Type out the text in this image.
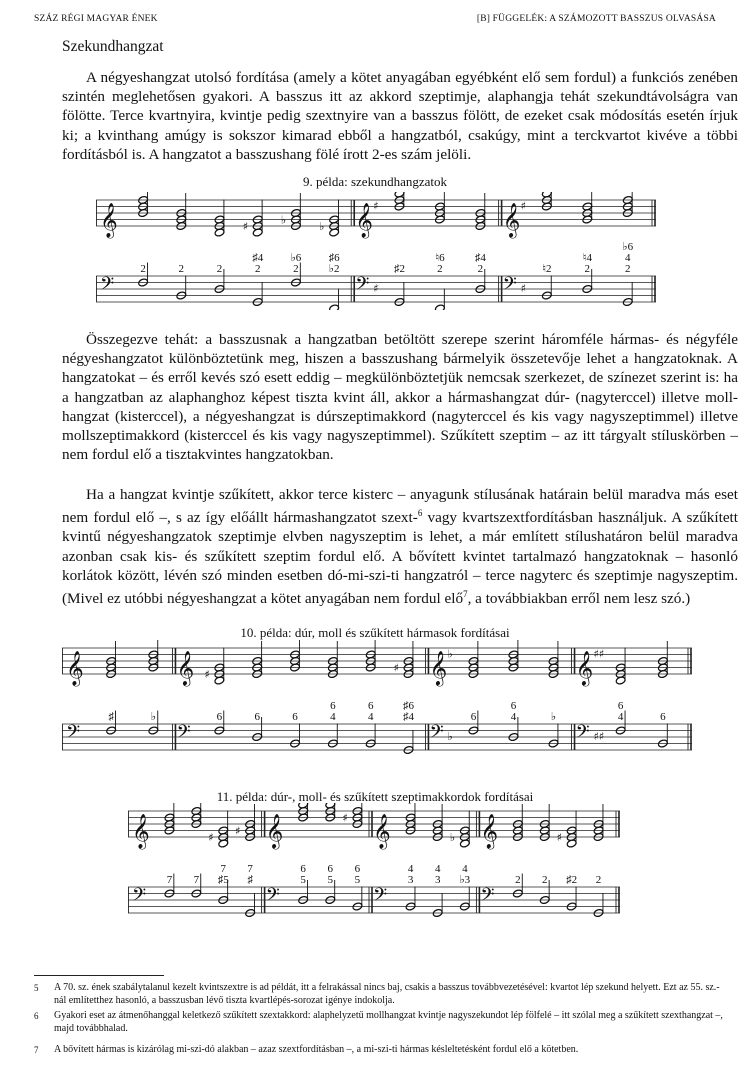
SZÁZ RÉGI MAGYAR ÉNEK	[B] FÜGGELÉK: A SZÁMOZOTT BASSZUS OLVASÁSA
Szekundhangzat

A négyeshangzat utolsó fordítása (amely a kötet anyagában egyébként elő sem fordul) a funkciós zenében szintén meglehetősen gyakori. A basszus itt az akkord szeptimje, alaphangja tehát szekundtávolságra van fölötte. Terce kvartnyira, kvintje pedig szextnyire van a basszus fölött, de ezeket csak módosítás esetén írjuk ki; a kvinthang amúgy is sokszor kimarad ebből a hangzatból, csakúgy, mint a terckvartot kivéve a többi fordításból is. A hangzatot a basszushang fölé írott 2-es szám jelöli.

9. példa: szekundhangzatok
𝄞
𝄢
𝄞
𝄢
♯
♯
𝄞
𝄢
♯
♯
2	2	2
♯
♯4
2
♭
♭6
2
♭
♯6
♭2	♯2
♮6
2
♯4
2	♮2
♮4
2
♭6
4
2

Összegezve tehát: a basszusnak a hangzatban betöltött szerepe szerint háromféle hármas- és négyféle négyeshangzatot különböztetünk meg, hiszen a basszushang bármelyik összetevője lehet a hangzatoknak. A hangzatokat – és erről kevés szó esett eddig – megkülönböztetjük nemcsak szerkezet, de színezet szerint is: ha a hangzatban az alaphanghoz képest tiszta kvint áll, akkor a hármashangzat dúr- (nagyterccel) illetve moll-hangzat (kisterccel), a négyeshangzat is dúrszeptimakkord (nagyterccel és kis vagy nagyszeptimmel) illetve mollszeptimakkord (kisterccel és kis vagy nagyszeptimmel). Szűkített szeptim – az itt tárgyalt stíluskörben – nem fordul elő a tisztakvintes hangzatokban.

Ha a hangzat kvintje szűkített, akkor terce kisterc – anyagunk stílusának határain belül maradva más eset nem fordul elő –, s az így előállt hármashangzatot szext-$^6$ vagy kvartszextfordításban használjuk. A szűkített kvintű négyeshangzatok szeptimje elvben nagyszeptim is lehet, a már említett stílushatáron belül maradva azonban csak kis- és szűkített szeptim fordul elő. A bővített kvintet tartalmazó hangzatoknak – hasonló korlátok között, lévén szó minden esetben dó-mi-szi-ti hangzatról – terce nagyterc és szeptimje nagyszeptim. (Mivel ez utóbbi négyeshangzat a kötet anyagában nem fordul elő$^7$, a továbbiakban erről nem lesz szó.)

10. példa: dúr, moll és szűkített hármasok fordításai
𝄞
𝄢
𝄞
𝄢
𝄞
𝄢
♭
♭
𝄞
𝄢
♯♯
♯♯
♯	♭
♯
6	6	6
6
4
6
4
♯
♯6
♯4	6
6
4	♭
6
4	6
11. példa: dúr-, moll- és szűkített szeptimakkordok fordításai
𝄞
𝄢
𝄞
𝄢
𝄞
𝄢
𝄞
𝄢
7 7
♯
7
♯5
♯
7
♯
6
5
6
5
♯
6
5
4
3
4
3
♭
4
♭3	2 2
♯
♯2 2
5 A 70. sz. ének szabálytalanul kezelt kvintszextre is ad példát, itt a felrakással nincs baj, csakis a basszus továbbvezetésével: kvartot lép szekund helyett. Ezt az 55. sz.-nál említetthez hasonló, a basszusban lévő tiszta kvartlépés-sorozat igénye indokolja.
6 Gyakori eset az átmenőhanggal keletkező szűkített szextakkord: alaphelyzetű mollhangzat kvintje nagyszekundot lép fölfelé – itt szólal meg a szűkített szexthangzat –, majd továbbhalad.
7 A bővített hármas is kizárólag mi-szi-dó alakban – azaz szextfordításban –, a mi-szi-ti hármas késleltetésként fordul elő a kötetben.
